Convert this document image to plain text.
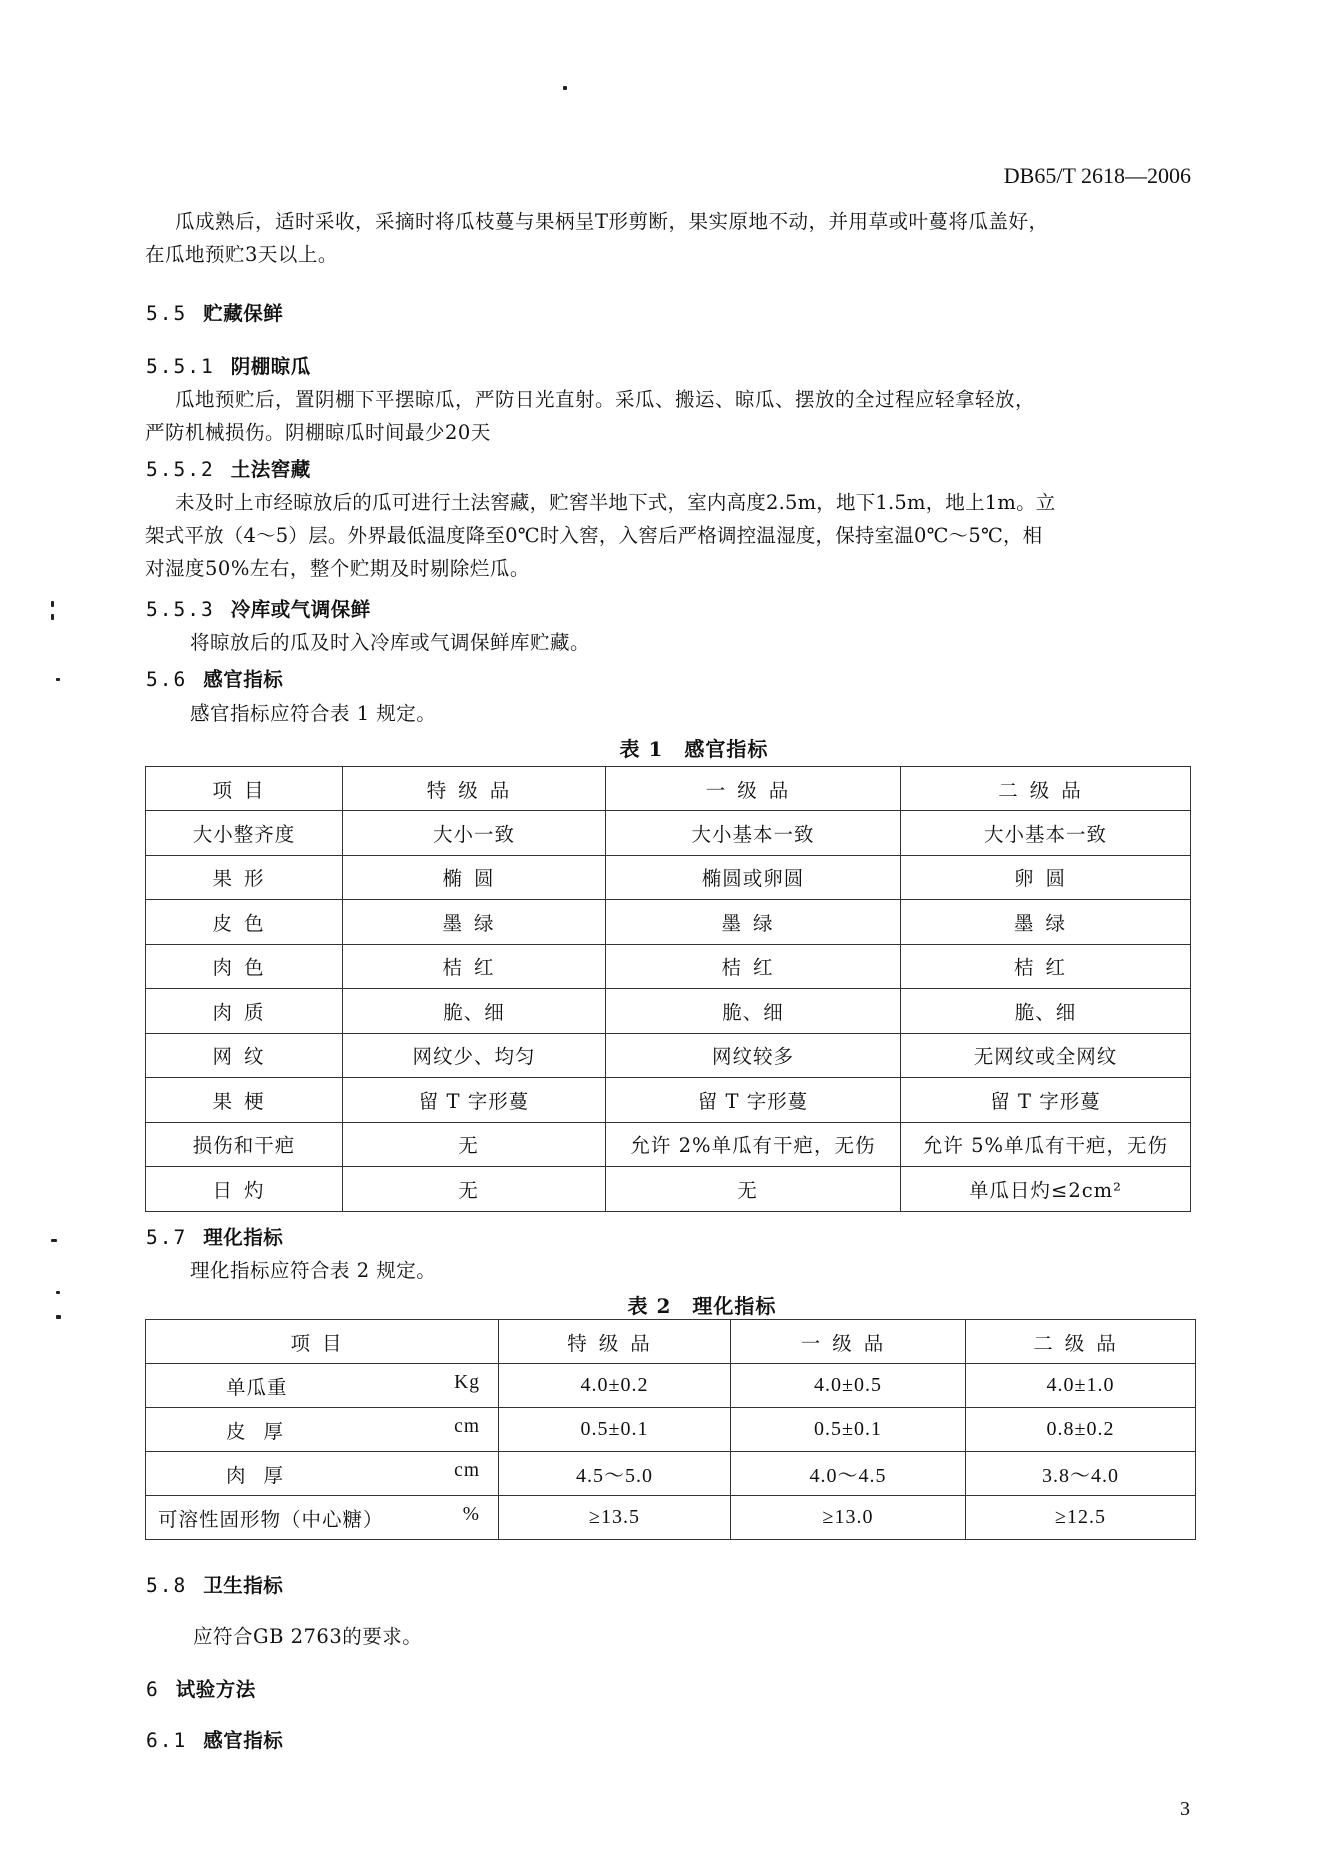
DB65/T 2618—2006
瓜成熟后，适时采收，采摘时将瓜枝蔓与果柄呈T形剪断，果实原地不动，并用草或叶蔓将瓜盖好，
在瓜地预贮3天以上。
5.5 贮藏保鲜
5.5.1 阴棚晾瓜
瓜地预贮后，置阴棚下平摆晾瓜，严防日光直射。采瓜、搬运、晾瓜、摆放的全过程应轻拿轻放，
严防机械损伤。阴棚晾瓜时间最少20天
5.5.2 土法窖藏
未及时上市经晾放后的瓜可进行土法窖藏，贮窖半地下式，室内高度2.5m，地下1.5m，地上1m。立
架式平放（4～5）层。外界最低温度降至0℃时入窖，入窖后严格调控温湿度，保持室温0℃～5℃，相
对湿度50%左右，整个贮期及时剔除烂瓜。
5.5.3 冷库或气调保鲜
将晾放后的瓜及时入冷库或气调保鲜库贮藏。
5.6 感官指标
感官指标应符合表 1 规定。
表 1　感官指标
项目	特级品	一级品	二级品
大小整齐度	大小一致	大小基本一致	大小基本一致
果形	椭圆	椭圆或卵圆	卵圆
皮色	墨绿	墨绿	墨绿
肉色	桔红	桔红	桔红
肉质	脆、细	脆、细	脆、细
网纹	网纹少、均匀	网纹较多	无网纹或全网纹
果梗	留 T 字形蔓	留 T 字形蔓	留 T 字形蔓
损伤和干疤	无	允许 2%单瓜有干疤，无伤	允许 5%单瓜有干疤，无伤
日灼	无	无	单瓜日灼≤2cm²
5.7 理化指标
理化指标应符合表 2 规定。
表 2　理化指标
项目	特级品	一级品	二级品
单瓜重 Kg	4.0±0.2	4.0±0.5	4.0±1.0
皮厚 cm	0.5±0.1	0.5±0.1	0.8±0.2
肉厚 cm	4.5～5.0	4.0～4.5	3.8～4.0
可溶性固形物（中心糖） %	≥13.5	≥13.0	≥12.5
5.8 卫生指标
应符合GB 2763的要求。
6 试验方法
6.1 感官指标
3
